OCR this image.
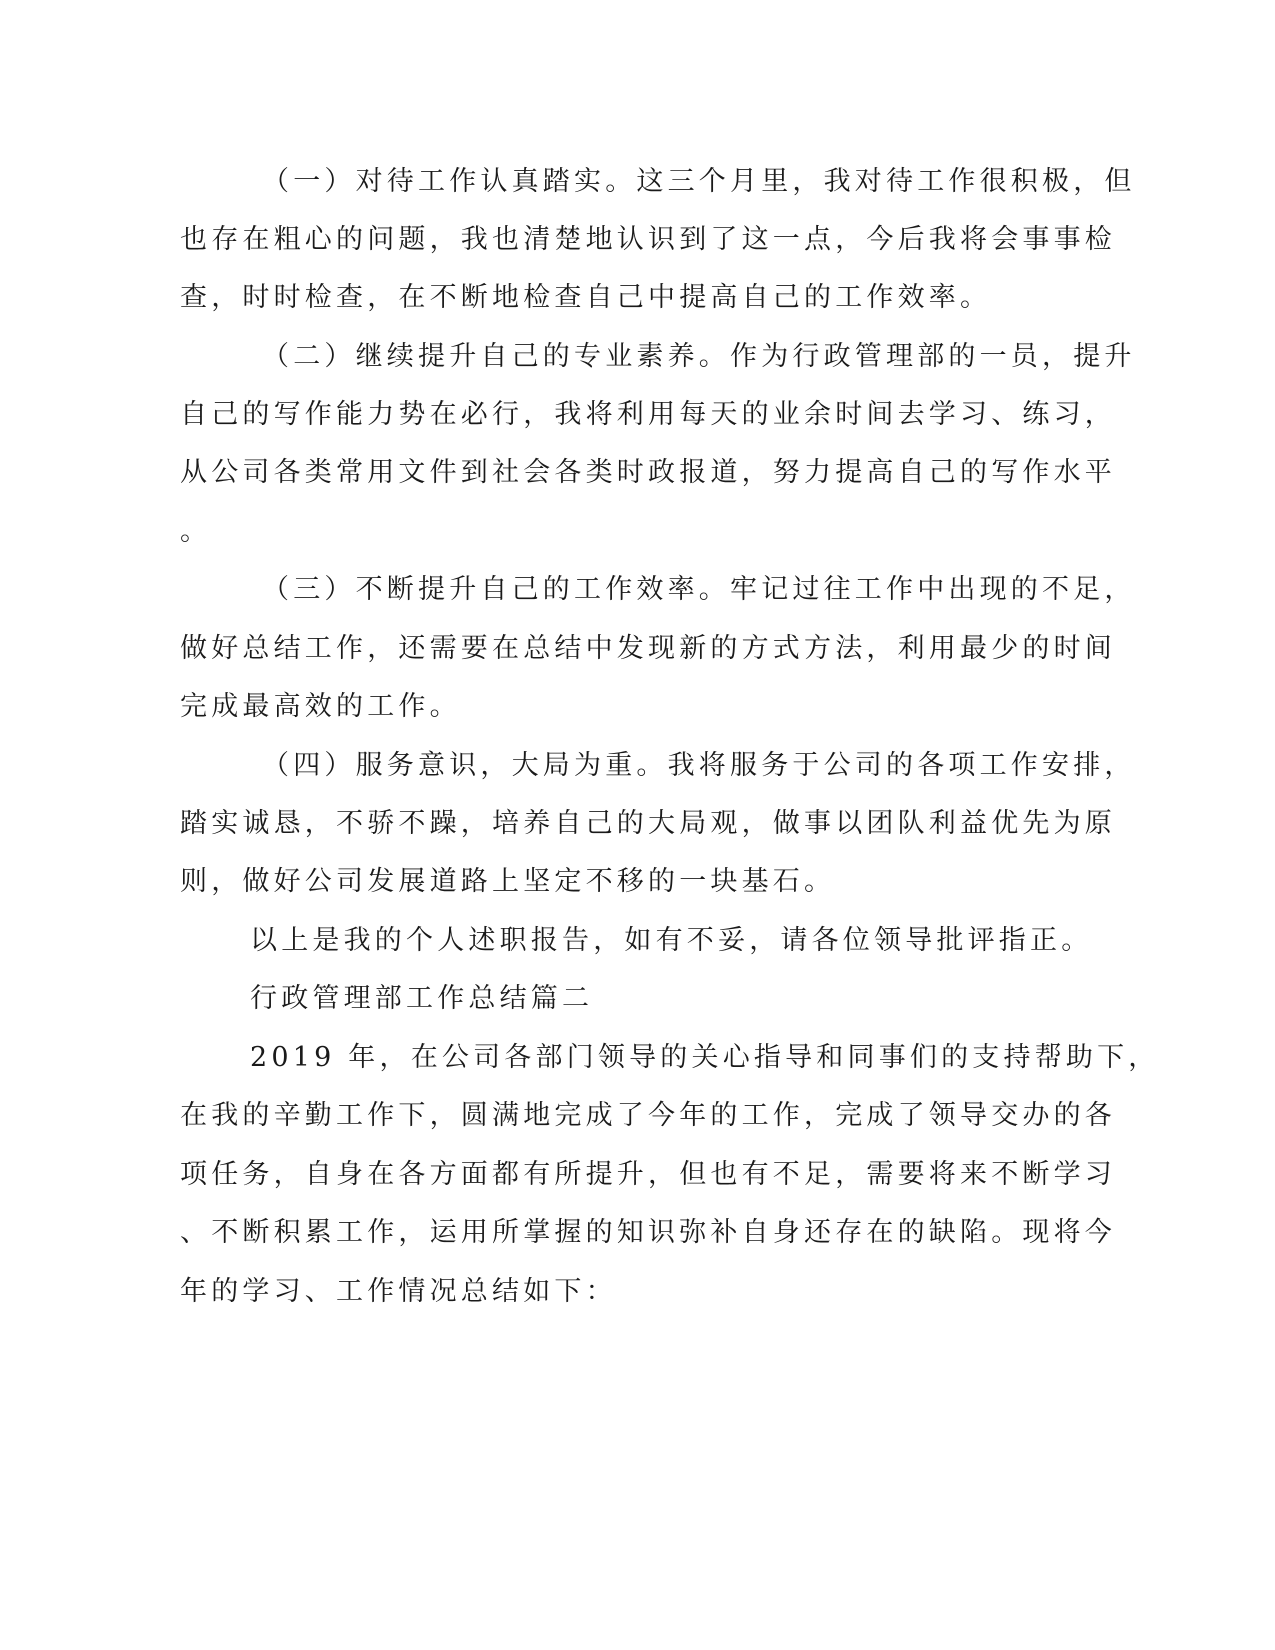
（一）对待工作认真踏实。这三个月里，我对待工作很积极，但
也存在粗心的问题，我也清楚地认识到了这一点，今后我将会事事检
查，时时检查，在不断地检查自己中提高自己的工作效率。
（二）继续提升自己的专业素养。作为行政管理部的一员，提升
自己的写作能力势在必行，我将利用每天的业余时间去学习、练习，
从公司各类常用文件到社会各类时政报道，努力提高自己的写作水平
。
（三）不断提升自己的工作效率。牢记过往工作中出现的不足，
做好总结工作，还需要在总结中发现新的方式方法，利用最少的时间
完成最高效的工作。
（四）服务意识，大局为重。我将服务于公司的各项工作安排，
踏实诚恳，不骄不躁，培养自己的大局观，做事以团队利益优先为原
则，做好公司发展道路上坚定不移的一块基石。
以上是我的个人述职报告，如有不妥，请各位领导批评指正。
行政管理部工作总结篇二
2019 年，在公司各部门领导的关心指导和同事们的支持帮助下，
在我的辛勤工作下，圆满地完成了今年的工作，完成了领导交办的各
项任务，自身在各方面都有所提升，但也有不足，需要将来不断学习
、不断积累工作，运用所掌握的知识弥补自身还存在的缺陷。现将今
年的学习、工作情况总结如下：
